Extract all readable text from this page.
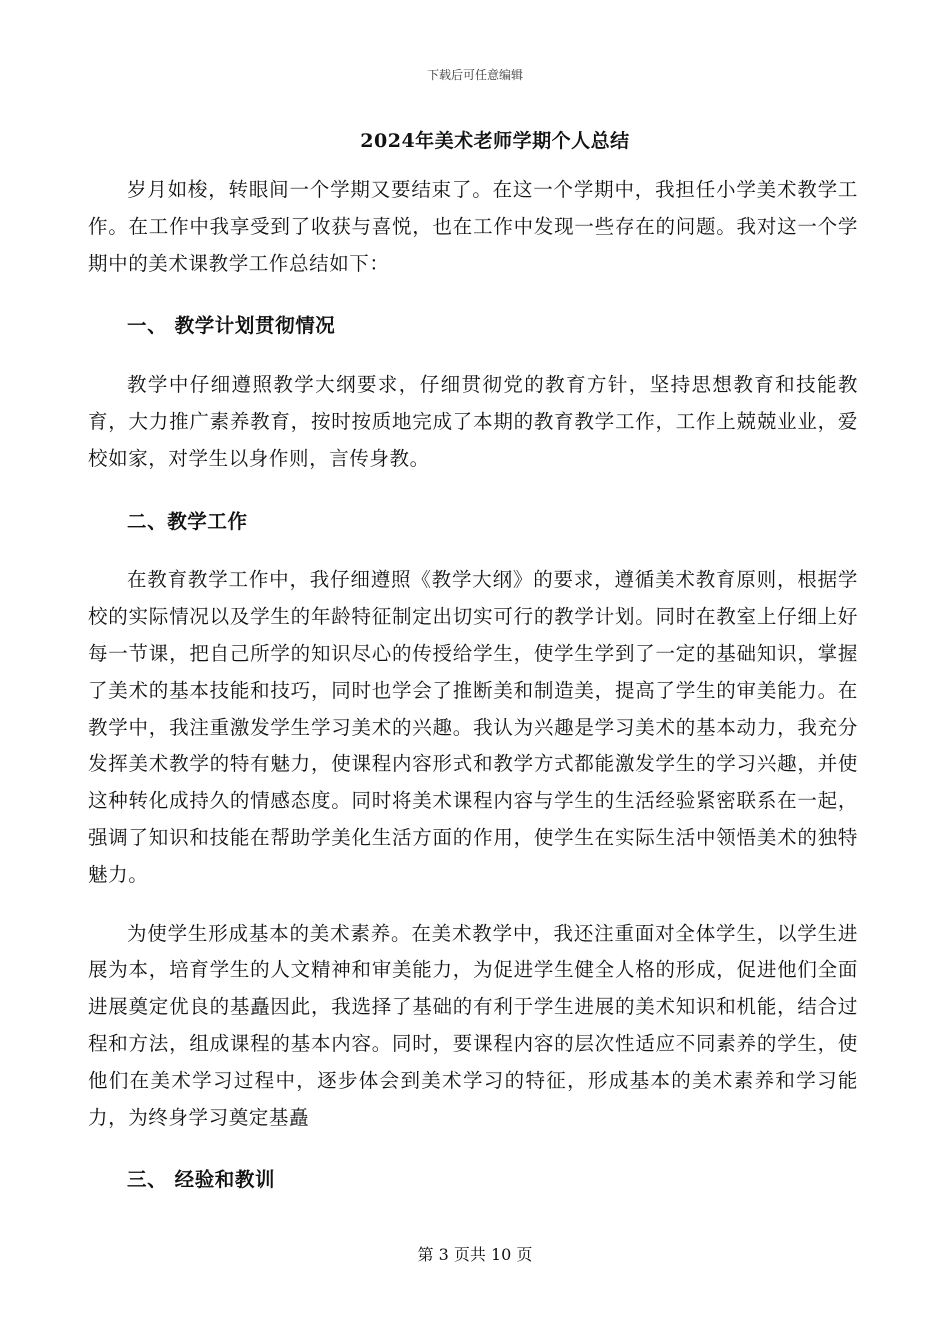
下载后可任意编辑
2024年美术老师学期个人总结

岁月如梭，转眼间一个学期又要结束了。在这一个学期中，我担任小学美术教学工作。在工作中我享受到了收获与喜悦，也在工作中发现一些存在的问题。我对这一个学期中的美术课教学工作总结如下：

一、 教学计划贯彻情况

教学中仔细遵照教学大纲要求，仔细贯彻党的教育方针，坚持思想教育和技能教育，大力推广素养教育，按时按质地完成了本期的教育教学工作，工作上兢兢业业，爱校如家，对学生以身作则，言传身教。

二、教学工作

在教育教学工作中，我仔细遵照《教学大纲》的要求，遵循美术教育原则，根据学校的实际情况以及学生的年龄特征制定出切实可行的教学计划。同时在教室上仔细上好每一节课，把自己所学的知识尽心的传授给学生，使学生学到了一定的基础知识，掌握了美术的基本技能和技巧，同时也学会了推断美和制造美，提高了学生的审美能力。在教学中，我注重激发学生学习美术的兴趣。我认为兴趣是学习美术的基本动力，我充分发挥美术教学的特有魅力，使课程内容形式和教学方式都能激发学生的学习兴趣，并使这种转化成持久的情感态度。同时将美术课程内容与学生的生活经验紧密联系在一起，强调了知识和技能在帮助学美化生活方面的作用，使学生在实际生活中领悟美术的独特魅力。

为使学生形成基本的美术素养。在美术教学中，我还注重面对全体学生，以学生进展为本，培育学生的人文精神和审美能力，为促进学生健全人格的形成，促进他们全面进展奠定优良的基矗因此，我选择了基础的有利于学生进展的美术知识和机能，结合过程和方法，组成课程的基本内容。同时，要课程内容的层次性适应不同素养的学生，使他们在美术学习过程中，逐步体会到美术学习的特征，形成基本的美术素养和学习能力，为终身学习奠定基矗

三、 经验和教训

第 3 页共 10 页
